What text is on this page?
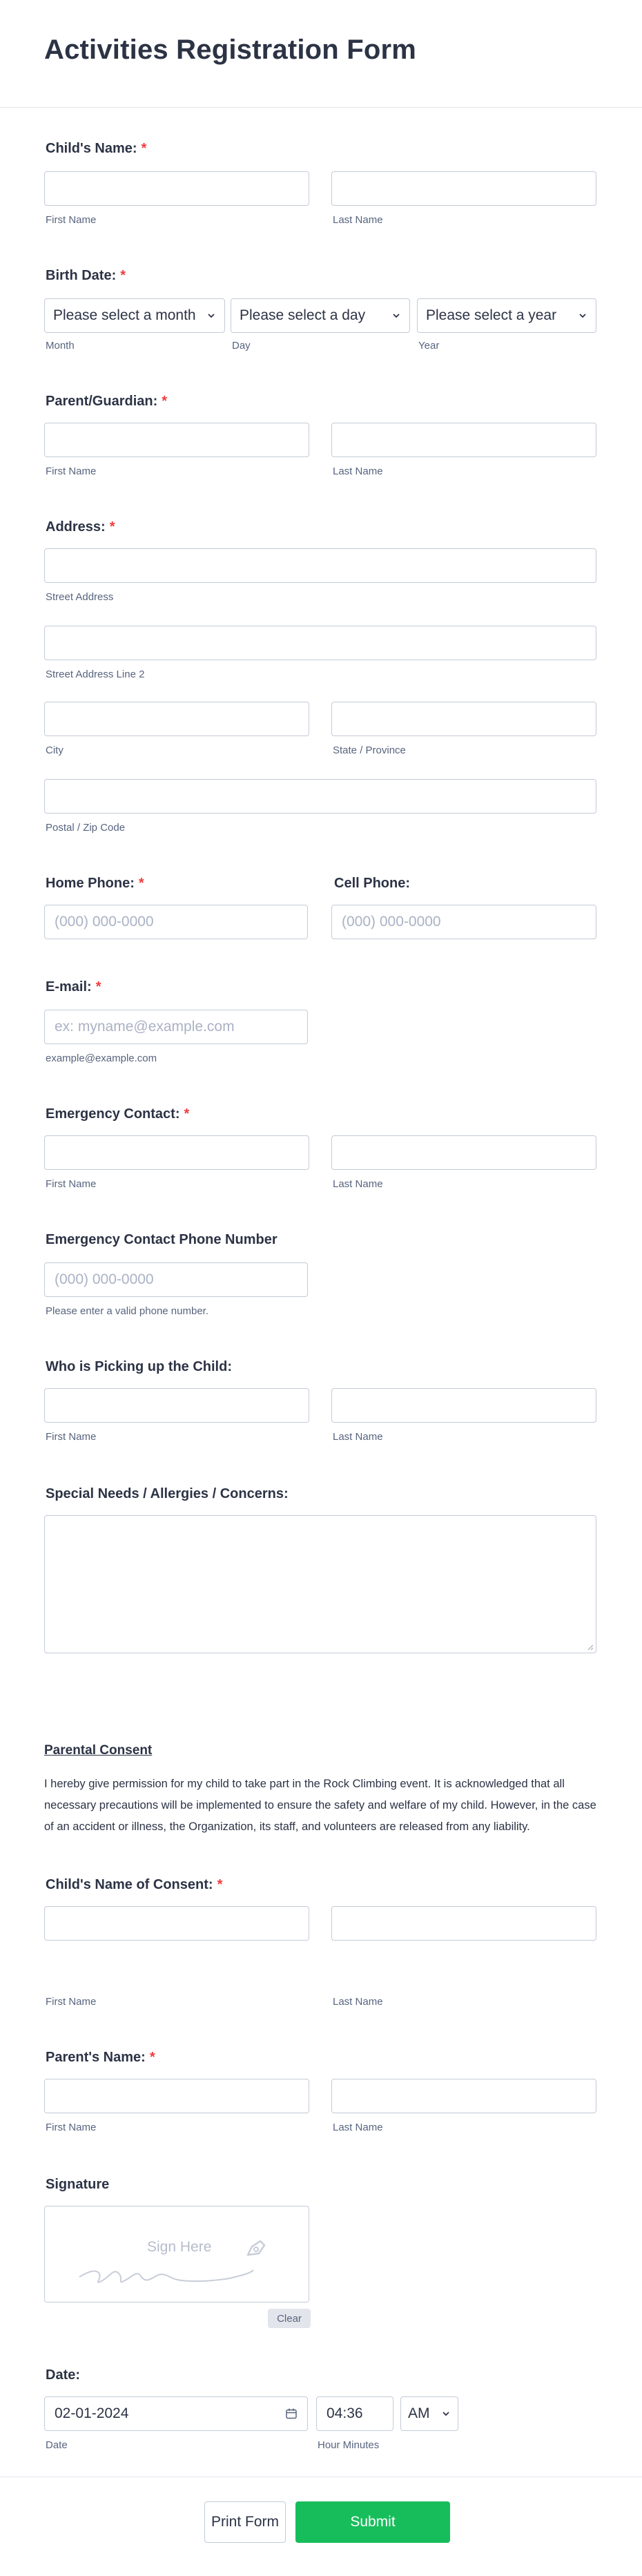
Activities Registration Form
Child's Name: *
First Name	Last Name
Birth Date: *
Please select a month	Please select a day	Please select a year
Month	Day	Year
Parent/Guardian: *
First Name	Last Name
Address: *
Street Address
Street Address Line 2
City	State / Province
Postal / Zip Code
Home Phone: *	Cell Phone:
(000) 000-0000	(000) 000-0000
E-mail: *
ex: myname@example.com
example@example.com
Emergency Contact: *
First Name	Last Name
Emergency Contact Phone Number
(000) 000-0000
Please enter a valid phone number.
Who is Picking up the Child:
First Name	Last Name
Special Needs / Allergies / Concerns:
Parental Consent
I hereby give permission for my child to take part in the Rock Climbing event. It is acknowledged that all necessary precautions will be implemented to ensure the safety and welfare of my child. However, in the case of an accident or illness, the Organization, its staff, and volunteers are released from any liability.
Child's Name of Consent: *
First Name	Last Name
Parent's Name: *
First Name	Last Name
Signature
Sign Here
Clear
Date:
02-01-2024	04:36	AM
Date	Hour Minutes
Print Form	Submit
